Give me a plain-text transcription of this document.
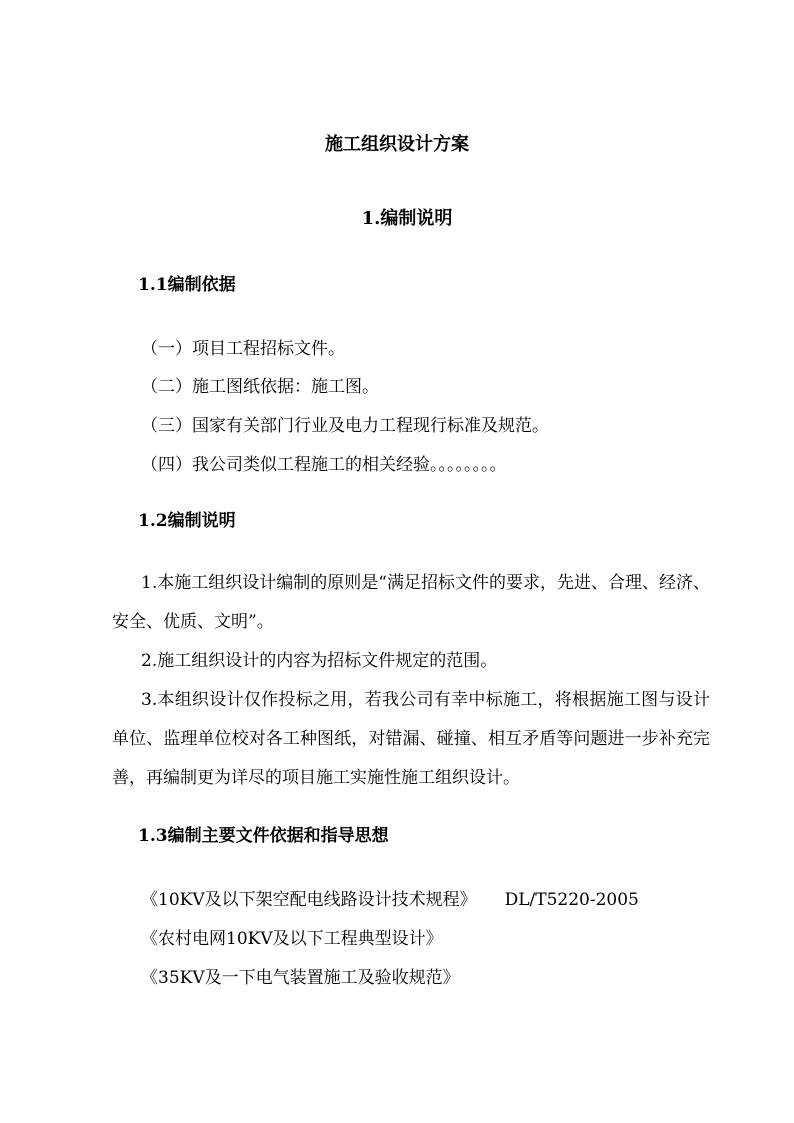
施工组织设计方案
1.编制说明
1.1编制依据
（一）项目工程招标文件。
（二）施工图纸依据：施工图。
（三）国家有关部门行业及电力工程现行标准及规范。
（四）我公司类似工程施工的相关经验。。。。。。。。
1.2编制说明
1.本施工组织设计编制的原则是“满足招标文件的要求，先进、合理、经济、安全、优质、文明”。
2.施工组织设计的内容为招标文件规定的范围。
3.本组织设计仅作投标之用，若我公司有幸中标施工，将根据施工图与设计单位、监理单位校对各工种图纸，对错漏、碰撞、相互矛盾等问题进一步补充完善，再编制更为详尽的项目施工实施性施工组织设计。
1.3编制主要文件依据和指导思想
《10KV及以下架空配电线路设计技术规程》 DL/T5220-2005
《农村电网10KV及以下工程典型设计》
《35KV及一下电气装置施工及验收规范》
